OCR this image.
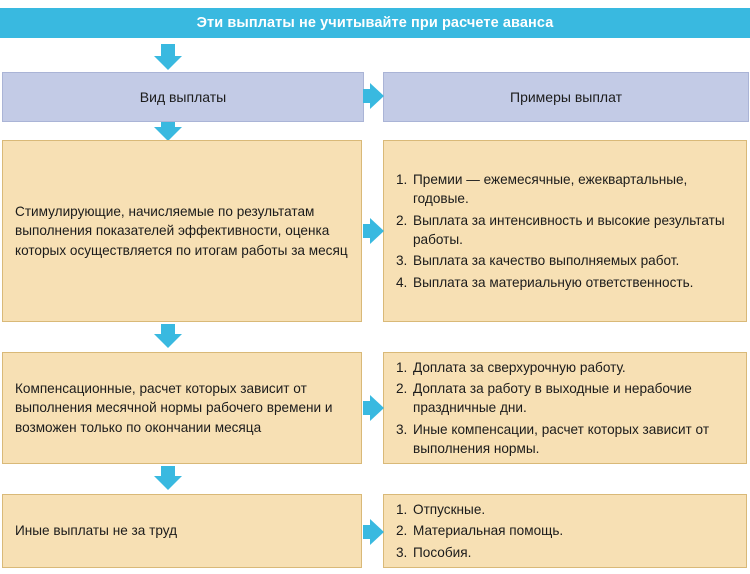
Эти выплаты не учитывайте при расчете аванса
Вид выплаты	Примеры выплат

Стимулирующие, начисляемые по результатам выполнения показателей эффективности, оценка которых осуществляется по итогам работы за месяц

1. Премии — ежемесячные, ежеквартальные, годовые.
2. Выплата за интенсивность и высокие результаты работы.
3. Выплата за качество выполняемых работ.
4. Выплата за материальную ответственность.

Компенсационные, расчет которых зависит от выполнения месячной нормы рабочего времени и возможен только по окончании месяца

1. Доплата за сверхурочную работу.
2. Доплата за работу в выходные и нерабочие праздничные дни.
3. Иные компенсации, расчет которых зависит от выполнения нормы.

Иные выплаты не за труд

1. Отпускные.
2. Материальная помощь.
3. Пособия.
